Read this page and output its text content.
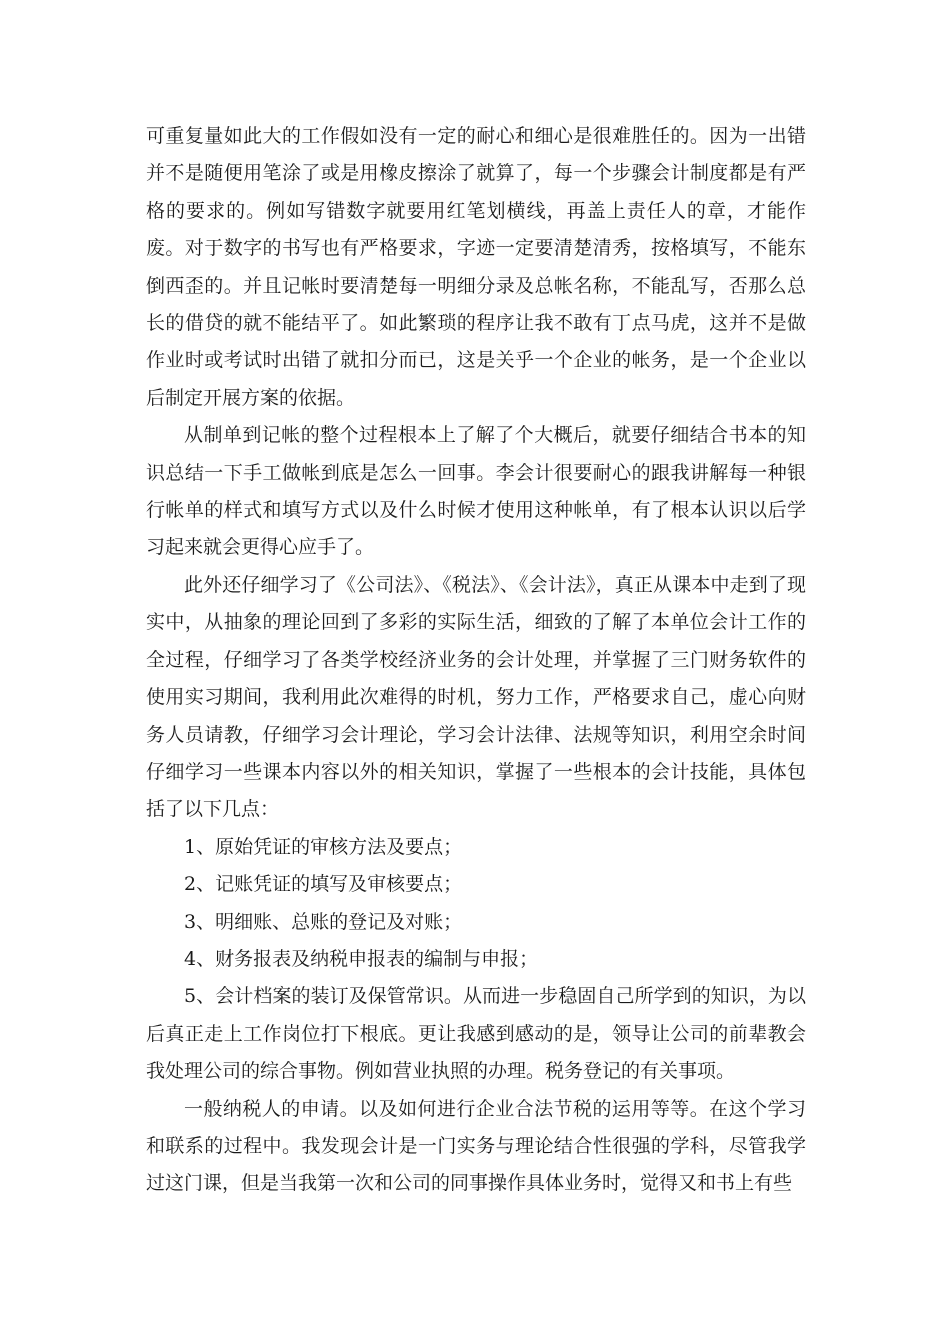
可重复量如此大的工作假如没有一定的耐心和细心是很难胜任的。因为一出错并不是随便用笔涂了或是用橡皮擦涂了就算了，每一个步骤会计制度都是有严格的要求的。例如写错数字就要用红笔划横线，再盖上责任人的章，才能作废。对于数字的书写也有严格要求，字迹一定要清楚清秀，按格填写，不能东倒西歪的。并且记帐时要清楚每一明细分录及总帐名称，不能乱写，否那么总长的借贷的就不能结平了。如此繁琐的程序让我不敢有丁点马虎，这并不是做作业时或考试时出错了就扣分而已，这是关乎一个企业的帐务，是一个企业以后制定开展方案的依据。

从制单到记帐的整个过程根本上了解了个大概后，就要仔细结合书本的知识总结一下手工做帐到底是怎么一回事。李会计很要耐心的跟我讲解每一种银行帐单的样式和填写方式以及什么时候才使用这种帐单，有了根本认识以后学习起来就会更得心应手了。

此外还仔细学习了《公司法》、《税法》、《会计法》，真正从课本中走到了现实中，从抽象的理论回到了多彩的实际生活，细致的了解了本单位会计工作的全过程，仔细学习了各类学校经济业务的会计处理，并掌握了三门财务软件的使用实习期间，我利用此次难得的时机，努力工作，严格要求自己，虚心向财务人员请教，仔细学习会计理论，学习会计法律、法规等知识，利用空余时间仔细学习一些课本内容以外的相关知识，掌握了一些根本的会计技能，具体包括了以下几点：

1、原始凭证的审核方法及要点；

2、记账凭证的填写及审核要点；

3、明细账、总账的登记及对账；

4、财务报表及纳税申报表的编制与申报；

5、会计档案的装订及保管常识。从而进一步稳固自己所学到的知识，为以后真正走上工作岗位打下根底。更让我感到感动的是，领导让公司的前辈教会我处理公司的综合事物。例如营业执照的办理。税务登记的有关事项。

一般纳税人的申请。以及如何进行企业合法节税的运用等等。在这个学习和联系的过程中。我发现会计是一门实务与理论结合性很强的学科，尽管我学过这门课，但是当我第一次和公司的同事操作具体业务时，觉得又和书上有些
